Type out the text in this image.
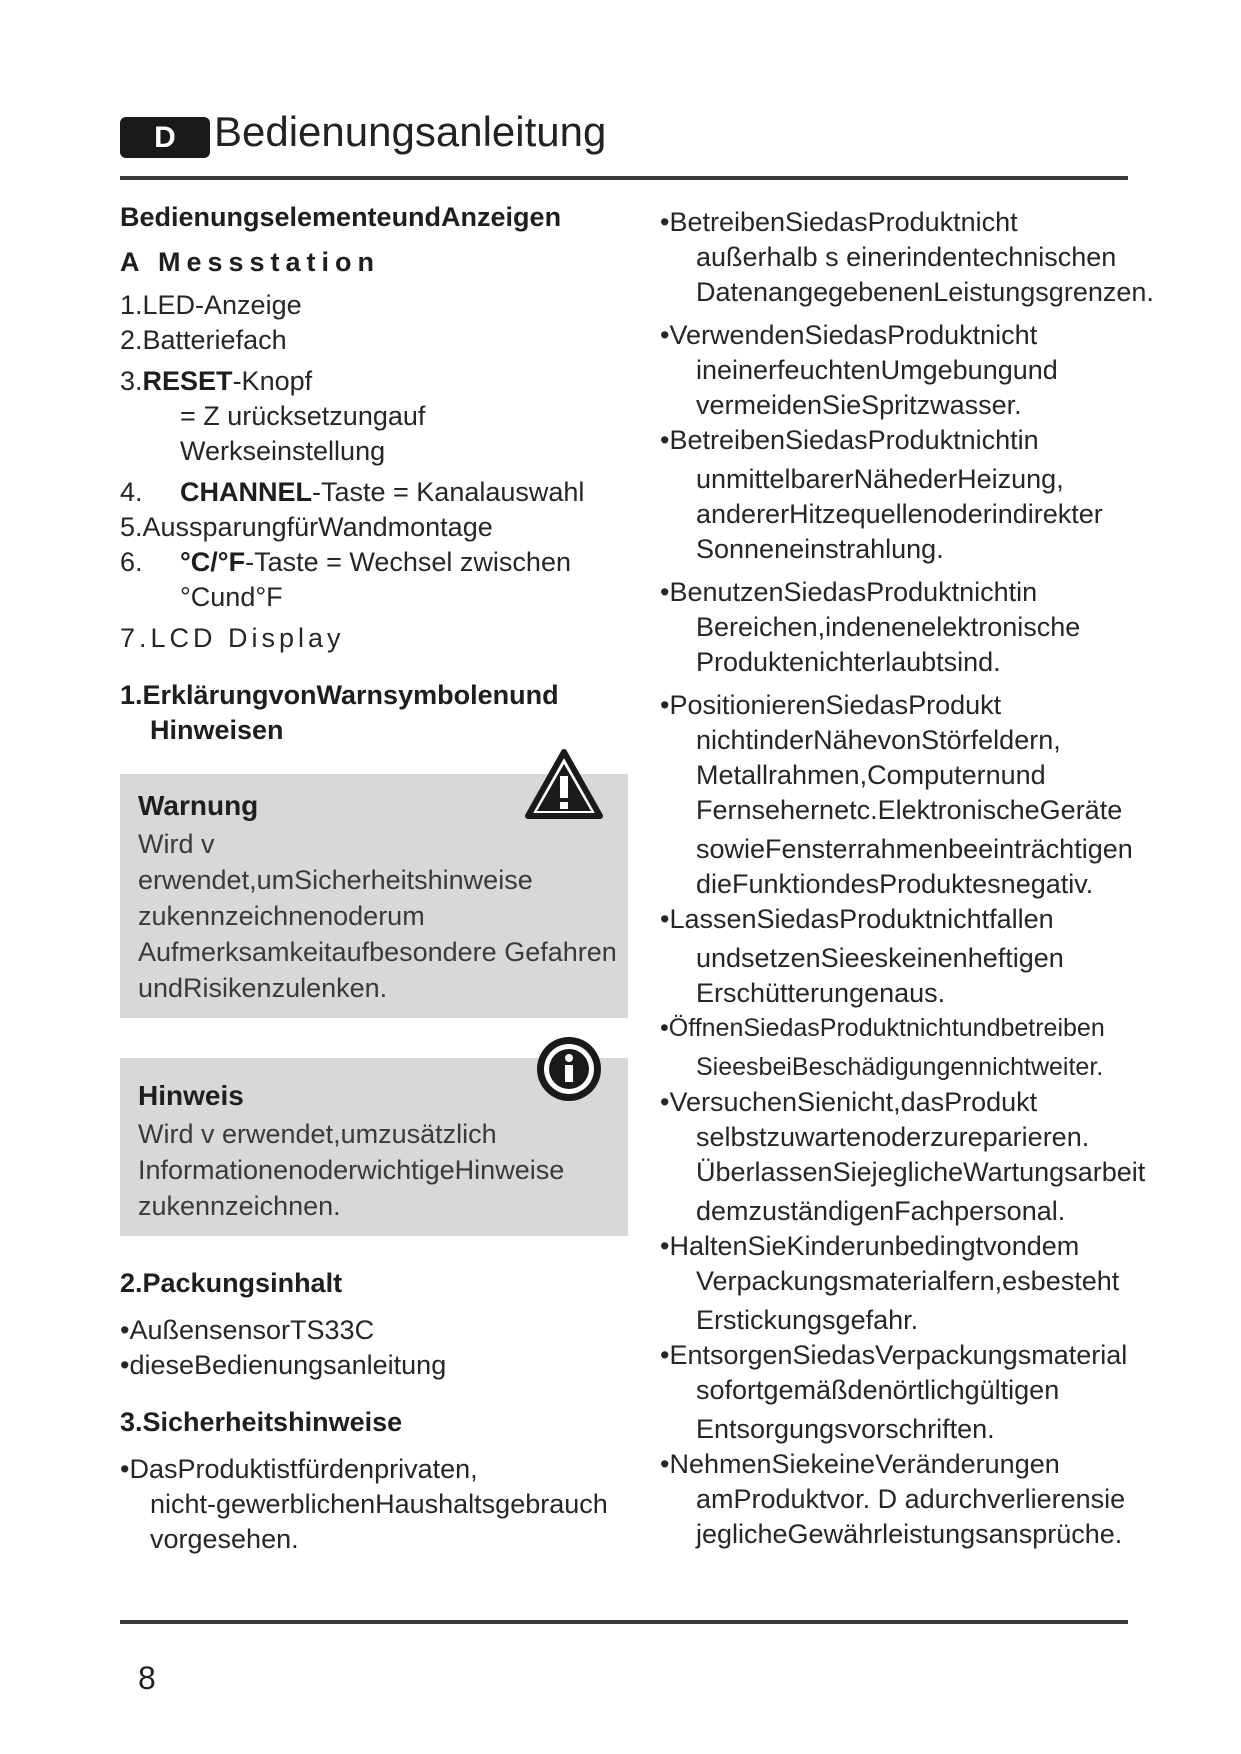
D Bedienungsanleitung
BedienungselementeundAnzeigen
A Messstation
1.LED-Anzeige
2.Batteriefach
3.RESET-Knopf
= Z urücksetzungauf
Werkseinstellung
4. CHANNEL-Taste = Kanalauswahl
5.AussparungfürWandmontage
6. °C/°F-Taste = Wechsel zwischen
°Cund°F
7.LCD Display
1.ErklärungvonWarnsymbolenund
Hinweisen
Warnung
Wird v erwendet,umSicherheitshinweise
zukennzeichnenoderum
Aufmerksamkeitaufbesondere Gefahren
undRisikenzulenken.
Hinweis
Wird v erwendet,umzusätzlich
InformationenoderwichtigeHinweise
zukennzeichnen.
2.Packungsinhalt
•AußensensorTS33C
•dieseBedienungsanleitung
3.Sicherheitshinweise
•DasProduktistfürdenprivaten,
nicht-gewerblichenHaushaltsgebrauch
vorgesehen.
•BetreibenSiedasProduktnicht
außerhalb s einerindentechnischen
DatenangegebenenLeistungsgrenzen.
•VerwendenSiedasProduktnicht
ineinerfeuchtenUmgebungund
vermeidenSieSpritzwasser.
•BetreibenSiedasProduktnichtin
unmittelbarerNähederHeizung,
andererHitzequellenoderindirekter
Sonneneinstrahlung.
•BenutzenSiedasProduktnichtin
Bereichen,indenenelektronische
Produktenichterlaubtsind.
•PositionierenSiedasProdukt
nichtinderNähevonStörfeldern,
Metallrahmen,Computernund
Fernsehernetc.ElektronischeGeräte
sowieFensterrahmenbeeinträchtigen
dieFunktiondesProduktesnegativ.
•LassenSiedasProduktnichtfallen
undsetzenSieeskeinenheftigen
Erschütterungenaus.
•ÖffnenSiedasProduktnichtundbetreiben
SieesbeiBeschädigungennichtweiter.
•VersuchenSienicht,dasProdukt
selbstzuwartenoderzureparieren.
ÜberlassenSiejeglicheWartungsarbeit
demzuständigenFachpersonal.
•HaltenSieKinderunbedingtvondem
Verpackungsmaterialfern,esbesteht
Erstickungsgefahr.
•EntsorgenSiedasVerpackungsmaterial
sofortgemäßdenörtlichgültigen
Entsorgungsvorschriften.
•NehmenSiekeineVeränderungen
amProduktvor. D adurchverlierensie
jeglicheGewährleistungsansprüche.
8
